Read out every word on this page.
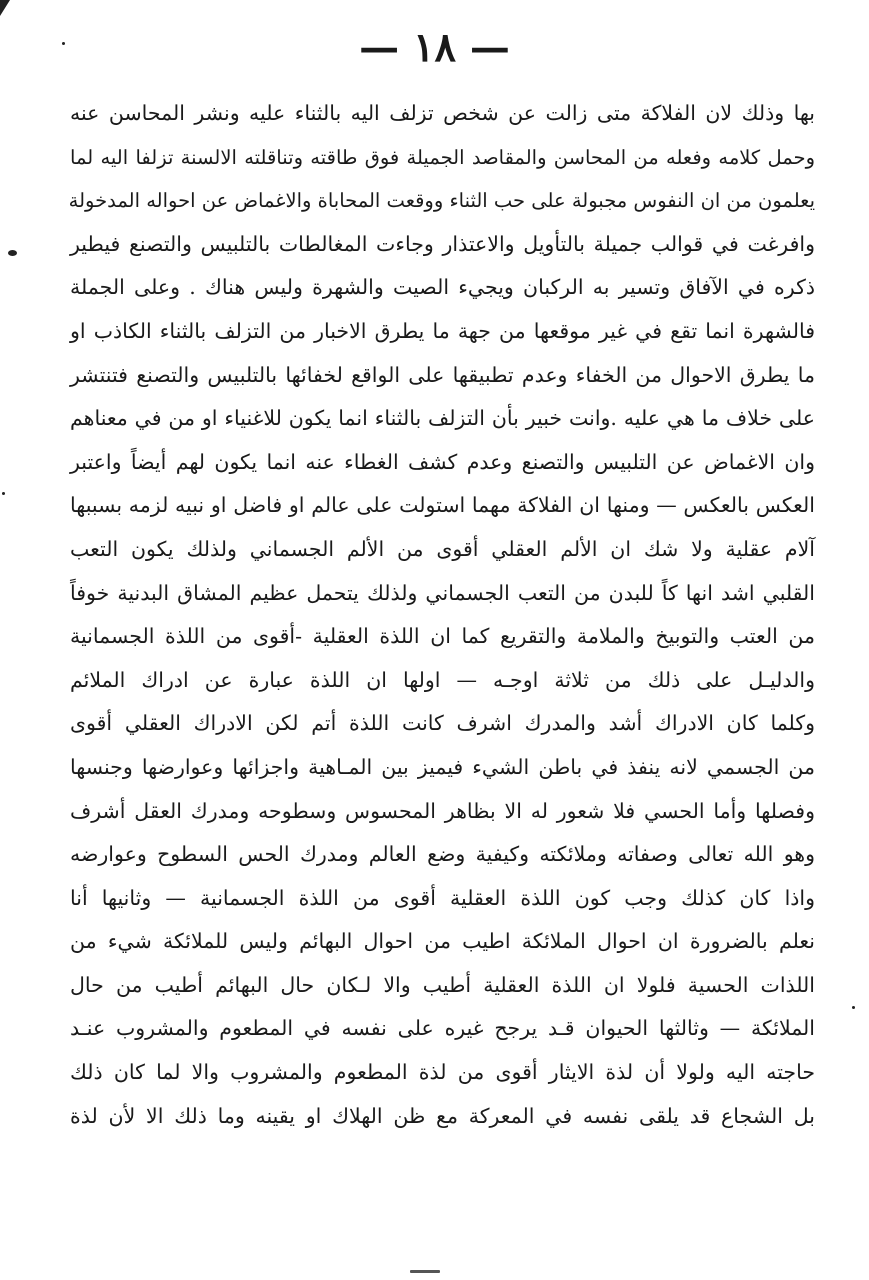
— ١٨ —
بها وذلك لان الفلاكة متى زالت عن شخص تزلف اليه بالثناء عليه ونشر المحاسن عنه
وحمل كلامه وفعله من المحاسن والمقاصد الجميلة فوق طاقته وتناقلته الالسنة تزلفا اليه لما
يعلمون من ان النفوس مجبولة على حب الثناء ووقعت المحاباة والاغماض عن احواله المدخولة
وافرغت في قوالب جميلة بالتأويل والاعتذار وجاءت المغالطات بالتلبيس والتصنع فيطير
ذكره في الآفاق وتسير به الركبان ويجيء الصيت والشهرة وليس هناك . وعلى الجملة
فالشهرة انما تقع في غير موقعها من جهة ما يطرق الاخبار من التزلف بالثناء الكاذب او
ما يطرق الاحوال من الخفاء وعدم تطبيقها على الواقع لخفائها بالتلبيس والتصنع فتنتشر
على خلاف ما هي عليه .وانت خبير بأن التزلف بالثناء انما يكون للاغنياء او من في معناهم
وان الاغماض عن التلبيس والتصنع وعدم كشف الغطاء عنه انما يكون لهم أيضاً واعتبر
العكس بالعكس — ومنها ان الفلاكة مهما استولت على عالم او فاضل او نبيه لزمه بسببها
آلام عقلية ولا شك ان الألم العقلي أقوى من الألم الجسماني ولذلك يكون التعب
القلبي اشد انها كاً للبدن من التعب الجسماني ولذلك يتحمل عظيم المشاق البدنية خوفاً
من العتب والتوبيخ والملامة والتقريع كما ان اللذة العقلية -أقوى من اللذة الجسمانية
والدليـل على ذلك من ثلاثة اوجـه — اولها ان اللذة عبارة عن ادراك الملائم
وكلما كان الادراك أشد والمدرك اشرف كانت اللذة أتم لكن الادراك العقلي أقوى
من الجسمي لانه ينفذ في باطن الشيء فيميز بين المـاهية واجزائها وعوارضها وجنسها
وفصلها وأما الحسي فلا شعور له الا بظاهر المحسوس وسطوحه ومدرك العقل أشرف
وهو الله تعالى وصفاته وملائكته وكيفية وضع العالم ومدرك الحس السطوح وعوارضه
واذا كان كذلك وجب كون اللذة العقلية أقوى من اللذة الجسمانية — وثانيها أنا
نعلم بالضرورة ان احوال الملائكة اطيب من احوال البهائم وليس للملائكة شيء من
اللذات الحسية فلولا ان اللذة العقلية أطيب والا لـكان حال البهائم أطيب من حال
الملائكة — وثالثها الحيوان قـد يرجح غيره على نفسه في المطعوم والمشروب عنـد
حاجته اليه ولولا أن لذة الايثار أقوى من لذة المطعوم والمشروب والا لما كان ذلك
بل الشجاع قد يلقى نفسه في المعركة مع ظن الهلاك او يقينه وما ذلك الا لأن لذة
